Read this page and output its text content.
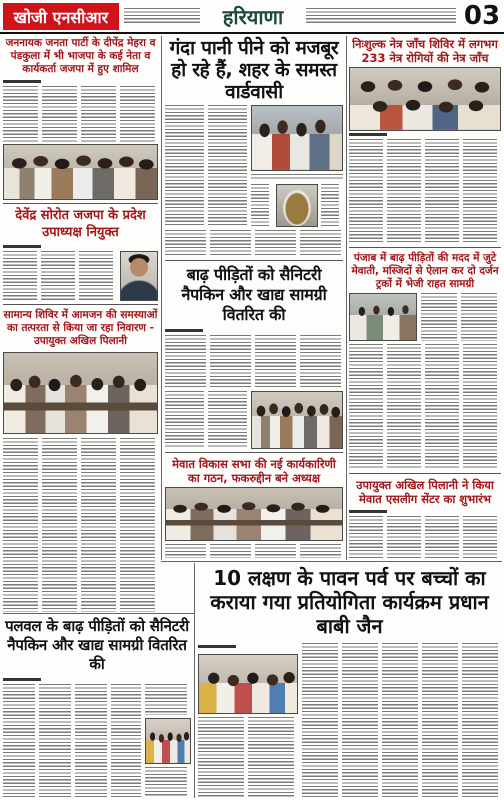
खोजी एनसीआर	हरियाणा	03
जननायक जनता पार्टी के दीपेंद्र मेहरा व पंडकुला में भी भाजपा के कई नेता व कार्यकर्ता जजपा में हुए शामिल
देवेंद्र सोरोत जजपा के प्रदेश उपाध्यक्ष नियुक्त
सामान्य शिविर में आमजन की समस्याओं का तत्परता से किया जा रहा निवारण - उपायुक्त अखिल पिलानी
गंदा पानी पीने को मजबूर हो रहे हैं, शहर के समस्त वार्डवासी
बाढ़ पीड़ितों को सैनिटरी नैपकिन और खाद्य सामग्री वितरित की
मेवात विकास सभा की नई कार्यकारिणी का गठन, फकरुद्दीन बने अध्यक्ष
निःशुल्क नेत्र जाँच शिविर में लगभग 233 नेत्र रोगियों की नेत्र जाँच
पंजाब में बाढ़ पीड़ितों की मदद में जुटे मेवाती, मस्जिदों से ऐलान कर दो दर्जन ट्रकों में भेजी राहत सामग्री
उपायुक्त अखिल पिलानी ने किया मेवात एसलीग सेंटर का शुभारंभ
पलवल के बाढ़ पीड़ितों को सैनिटरी नैपकिन और खाद्य सामग्री वितरित की
10 लक्षण के पावन पर्व पर बच्चों का कराया गया प्रतियोगिता कार्यक्रम प्रधान बाबी जैन
